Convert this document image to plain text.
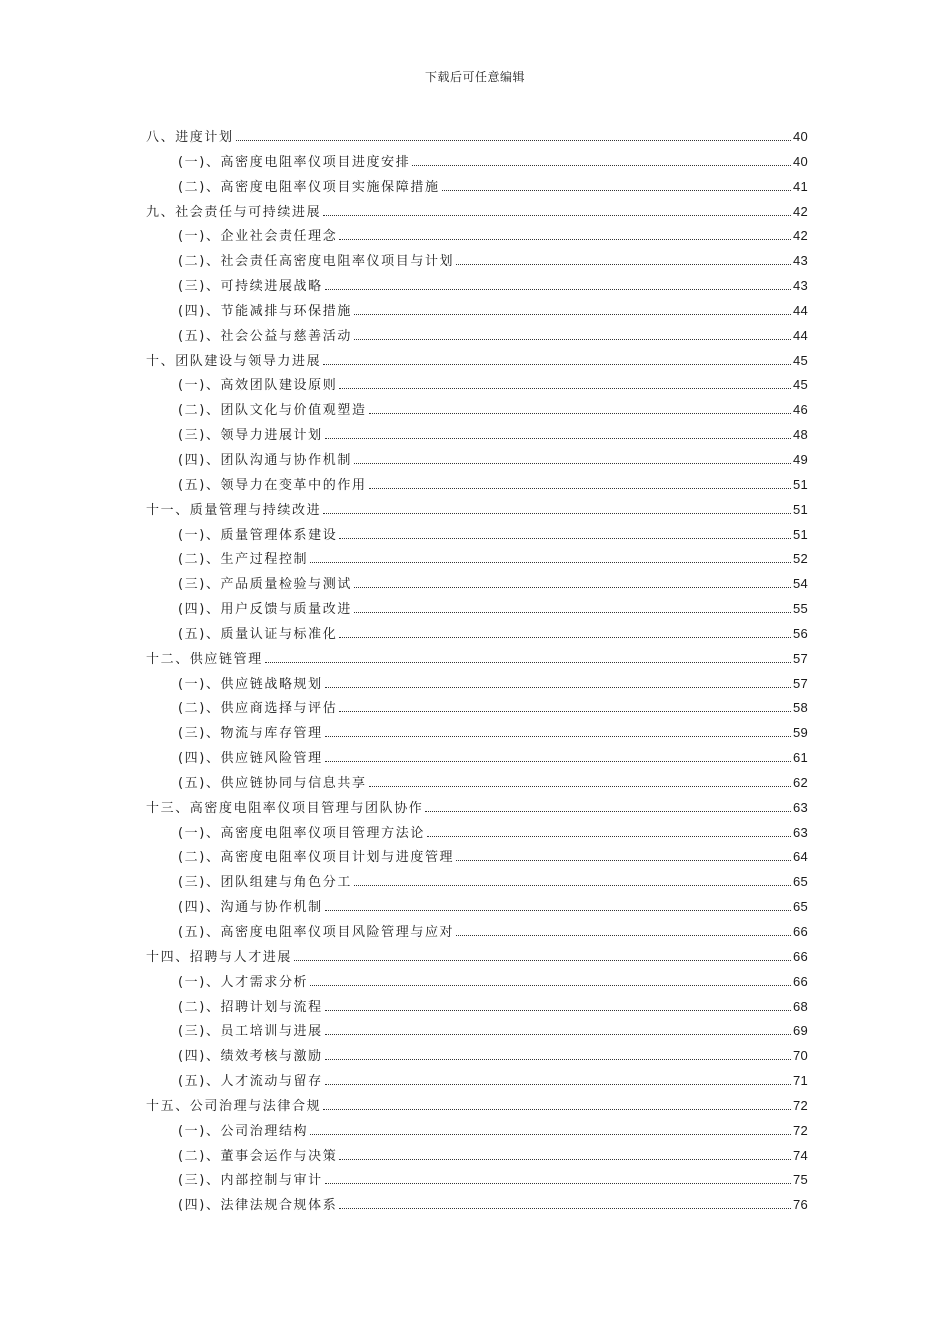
下载后可任意编辑
八、进度计划	40
(一)、高密度电阻率仪项目进度安排	40
(二)、高密度电阻率仪项目实施保障措施	41
九、社会责任与可持续进展	42
(一)、企业社会责任理念	42
(二)、社会责任高密度电阻率仪项目与计划	43
(三)、可持续进展战略	43
(四)、节能减排与环保措施	44
(五)、社会公益与慈善活动	44
十、团队建设与领导力进展	45
(一)、高效团队建设原则	45
(二)、团队文化与价值观塑造	46
(三)、领导力进展计划	48
(四)、团队沟通与协作机制	49
(五)、领导力在变革中的作用	51
十一、质量管理与持续改进	51
(一)、质量管理体系建设	51
(二)、生产过程控制	52
(三)、产品质量检验与测试	54
(四)、用户反馈与质量改进	55
(五)、质量认证与标准化	56
十二、供应链管理	57
(一)、供应链战略规划	57
(二)、供应商选择与评估	58
(三)、物流与库存管理	59
(四)、供应链风险管理	61
(五)、供应链协同与信息共享	62
十三、高密度电阻率仪项目管理与团队协作	63
(一)、高密度电阻率仪项目管理方法论	63
(二)、高密度电阻率仪项目计划与进度管理	64
(三)、团队组建与角色分工	65
(四)、沟通与协作机制	65
(五)、高密度电阻率仪项目风险管理与应对	66
十四、招聘与人才进展	66
(一)、人才需求分析	66
(二)、招聘计划与流程	68
(三)、员工培训与进展	69
(四)、绩效考核与激励	70
(五)、人才流动与留存	71
十五、公司治理与法律合规	72
(一)、公司治理结构	72
(二)、董事会运作与决策	74
(三)、内部控制与审计	75
(四)、法律法规合规体系	76
